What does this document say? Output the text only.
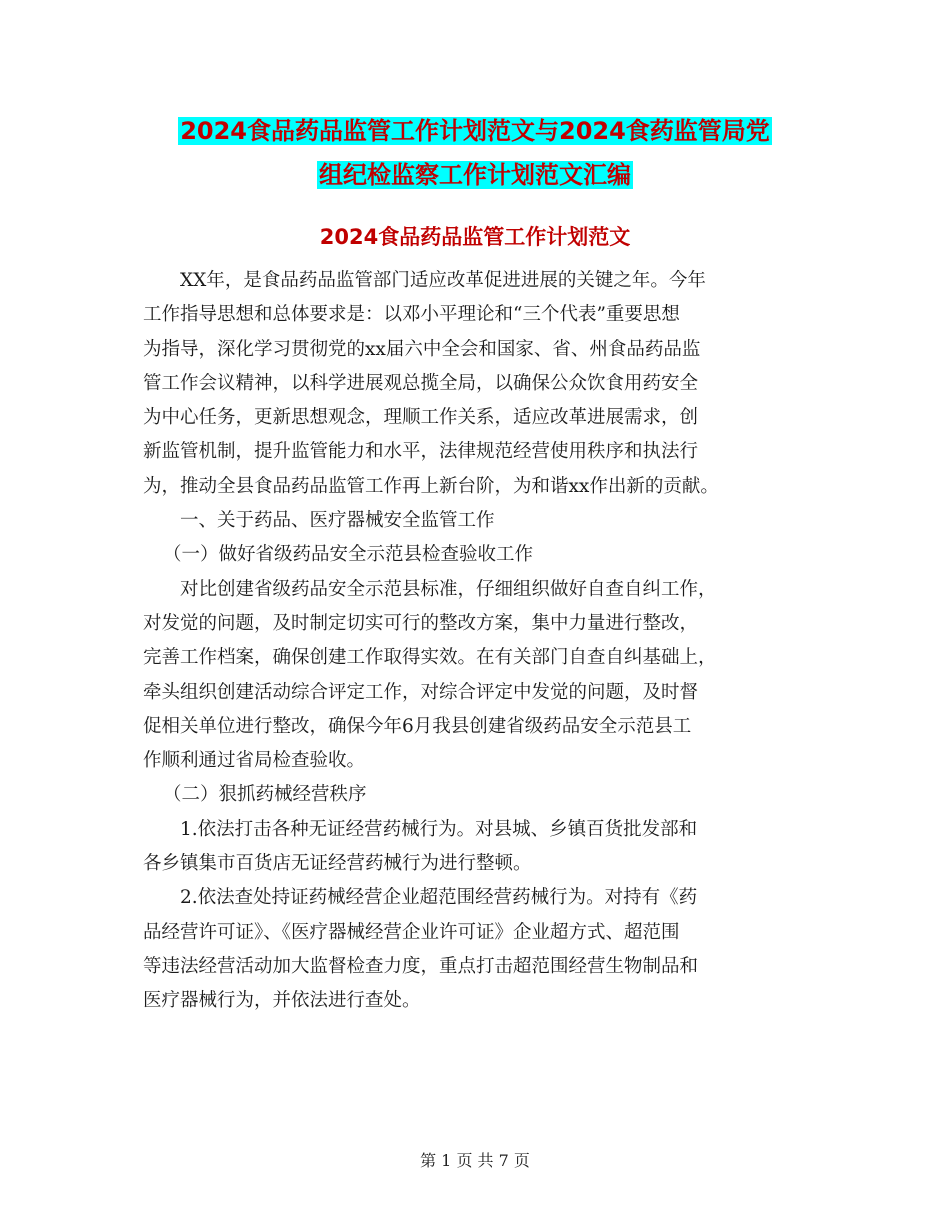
2024食品药品监管工作计划范文与2024食药监管局党
组纪检监察工作计划范文汇编
2024食品药品监管工作计划范文
XX年，是食品药品监管部门适应改革促进进展的关键之年。今年
工作指导思想和总体要求是：以邓小平理论和“三个代表”重要思想
为指导，深化学习贯彻党的xx届六中全会和国家、省、州食品药品监
管工作会议精神，以科学进展观总揽全局，以确保公众饮食用药安全
为中心任务，更新思想观念，理顺工作关系，适应改革进展需求，创
新监管机制，提升监管能力和水平，法律规范经营使用秩序和执法行
为，推动全县食品药品监管工作再上新台阶，为和谐xx作出新的贡献。
一、关于药品、医疗器械安全监管工作
（一）做好省级药品安全示范县检查验收工作
对比创建省级药品安全示范县标准，仔细组织做好自查自纠工作，
对发觉的问题，及时制定切实可行的整改方案，集中力量进行整改，
完善工作档案，确保创建工作取得实效。在有关部门自查自纠基础上，
牵头组织创建活动综合评定工作，对综合评定中发觉的问题，及时督
促相关单位进行整改，确保今年6月我县创建省级药品安全示范县工
作顺利通过省局检查验收。
（二）狠抓药械经营秩序
1.依法打击各种无证经营药械行为。对县城、乡镇百货批发部和
各乡镇集市百货店无证经营药械行为进行整顿。
2.依法查处持证药械经营企业超范围经营药械行为。对持有《药
品经营许可证》、《医疗器械经营企业许可证》企业超方式、超范围
等违法经营活动加大监督检查力度，重点打击超范围经营生物制品和
医疗器械行为，并依法进行查处。
第 1 页 共 7 页
